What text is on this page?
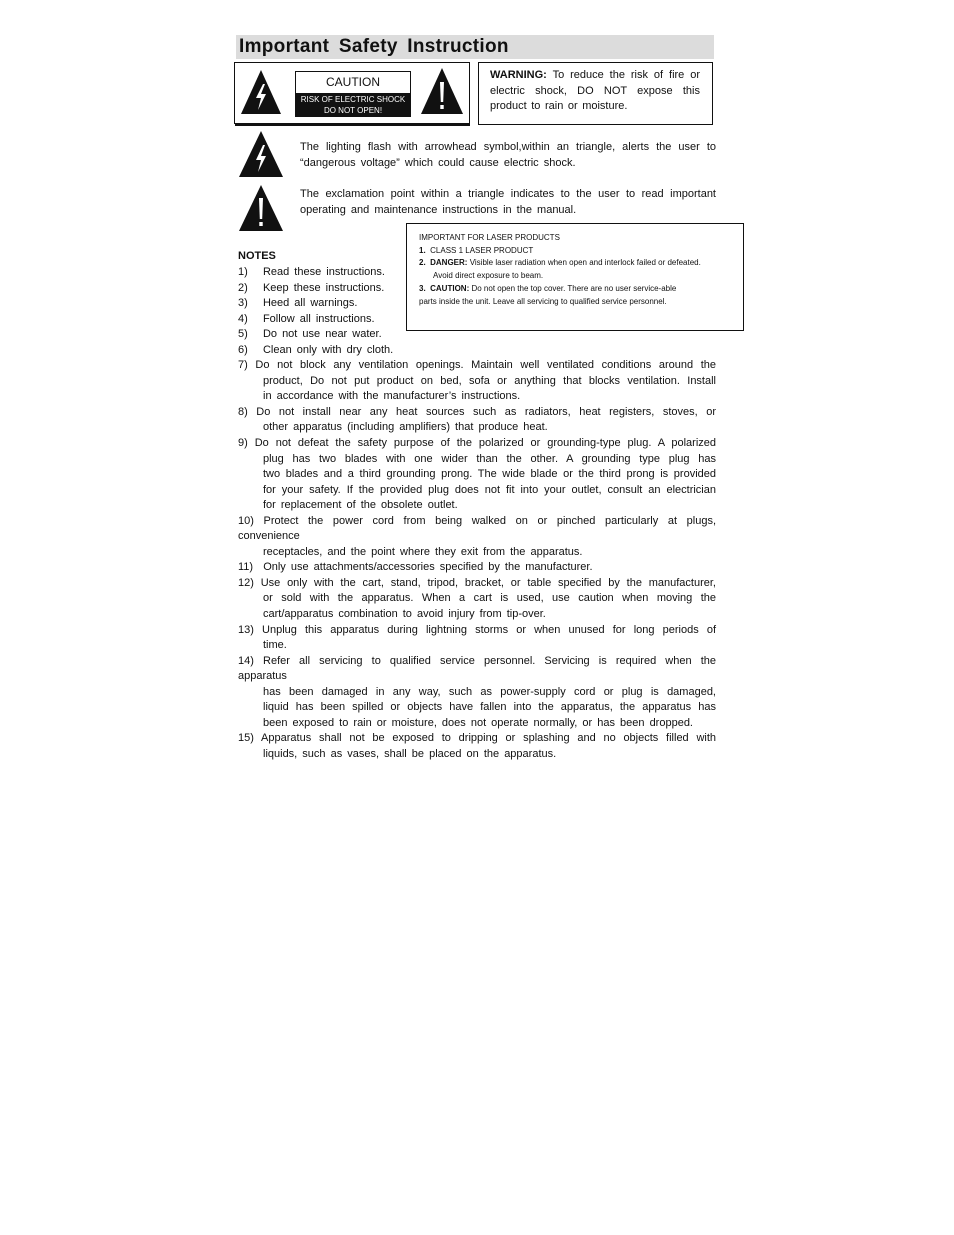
Important Safety Instruction
CAUTION
RISK OF ELECTRIC SHOCK
DO NOT OPEN!
WARNING: To reduce the risk of fire or electric shock, DO NOT expose this product to rain or moisture.
The lighting flash with arrowhead symbol,within an triangle, alerts the user to “dangerous voltage” which could cause electric shock.
The exclamation point within a triangle indicates to the user to read important operating and maintenance instructions in the manual.
IMPORTANT FOR LASER PRODUCTS
1. CLASS 1 LASER PRODUCT
2. DANGER: Visible laser radiation when open and interlock failed or defeated.
Avoid direct exposure to beam.
3. CAUTION: Do not open the top cover. There are no user service-able
parts inside the unit. Leave all servicing to qualified service personnel.
NOTES
1)   Read these instructions.
2)   Keep these instructions.
3)   Heed all warnings.
4)   Follow all instructions.
5)   Do not use near water.
6)   Clean only with dry cloth.
7) Do not block any ventilation openings. Maintain well ventilated conditions around the
product, Do not put product on bed, sofa or anything that blocks ventilation. Install
in accordance with the manufacturer’s instructions.
8) Do not install near any heat sources such as radiators, heat registers, stoves, or
other apparatus (including amplifiers) that produce heat.
9) Do not defeat the safety purpose of the polarized or grounding-type plug. A polarized
plug has two blades with one wider than the other. A grounding type plug has
two blades and a third grounding prong. The wide blade or the third prong is provided
for your safety. If the provided plug does not fit into your outlet, consult an electrician
for replacement of the obsolete outlet.
10) Protect the power cord from being walked on or pinched particularly at plugs, convenience
receptacles, and the point where they exit from the apparatus.
11)  Only use attachments/accessories specified by the manufacturer.
12) Use only with the cart, stand, tripod, bracket, or table specified by the manufacturer,
or sold with the apparatus. When a cart is used, use caution when moving the
cart/apparatus combination to avoid injury from tip-over.
13) Unplug this apparatus during lightning storms or when unused for long periods of
time.
14) Refer all servicing to qualified service personnel. Servicing is required when the apparatus
has been damaged in any way, such as power-supply cord or plug is damaged,
liquid has been spilled or objects have fallen into the apparatus, the apparatus has
been exposed to rain or moisture, does not operate normally, or has been dropped.
15) Apparatus shall not be exposed to dripping or splashing and no objects filled with
liquids, such as vases, shall be placed on the apparatus.
